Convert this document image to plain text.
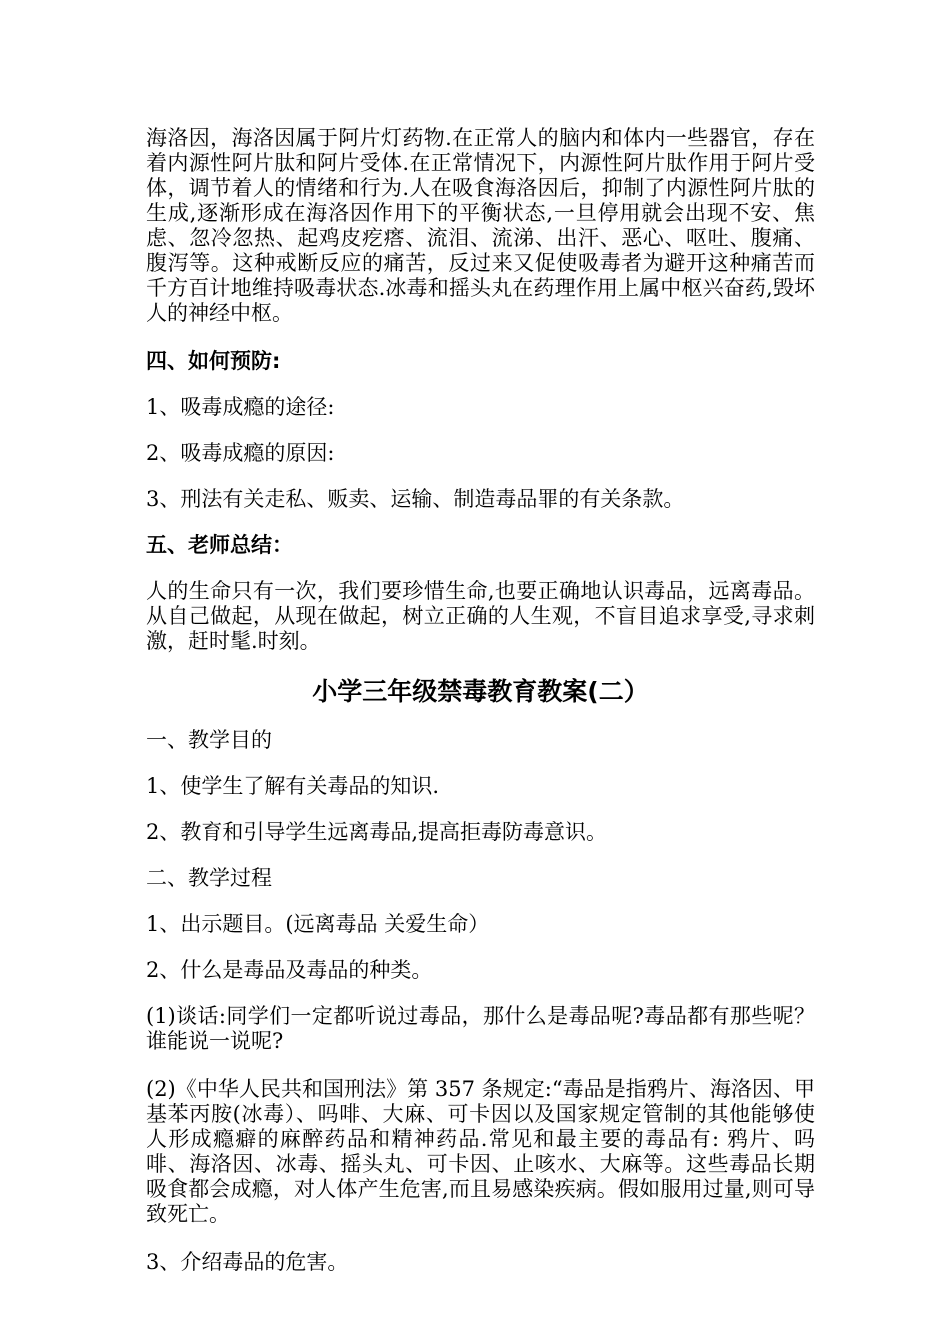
海洛因，海洛因属于阿片灯药物.在正常人的脑内和体内一些器官，存在着内源性阿片肽和阿片受体.在正常情况下，内源性阿片肽作用于阿片受体，调节着人的情绪和行为.人在吸食海洛因后，抑制了内源性阿片肽的生成,逐渐形成在海洛因作用下的平衡状态,一旦停用就会出现不安、焦虑、忽冷忽热、起鸡皮疙瘩、流泪、流涕、出汗、恶心、呕吐、腹痛、腹泻等。这种戒断反应的痛苦，反过来又促使吸毒者为避开这种痛苦而千方百计地维持吸毒状态.冰毒和摇头丸在药理作用上属中枢兴奋药,毁坏人的神经中枢。

四、如何预防:

1、吸毒成瘾的途径:

2、吸毒成瘾的原因:

3、刑法有关走私、贩卖、运输、制造毒品罪的有关条款。

五、老师总结：

人的生命只有一次，我们要珍惜生命,也要正确地认识毒品，远离毒品。从自己做起，从现在做起，树立正确的人生观，不盲目追求享受,寻求刺激，赶时髦.时刻。

小学三年级禁毒教育教案(二）

一、教学目的

1、使学生了解有关毒品的知识.

2、教育和引导学生远离毒品,提高拒毒防毒意识。

二、教学过程

1、出示题目。(远离毒品 关爱生命）

2、什么是毒品及毒品的种类。

(1)谈话:同学们一定都听说过毒品，那什么是毒品呢?毒品都有那些呢？谁能说一说呢?

(2)《中华人民共和国刑法》第 357 条规定:“毒品是指鸦片、海洛因、甲基苯丙胺(冰毒）、吗啡、大麻、可卡因以及国家规定管制的其他能够使人形成瘾癖的麻醉药品和精神药品.常见和最主要的毒品有: 鸦片、吗啡、海洛因、冰毒、摇头丸、可卡因、止咳水、大麻等。这些毒品长期吸食都会成瘾，对人体产生危害,而且易感染疾病。假如服用过量,则可导致死亡。

3、介绍毒品的危害。
